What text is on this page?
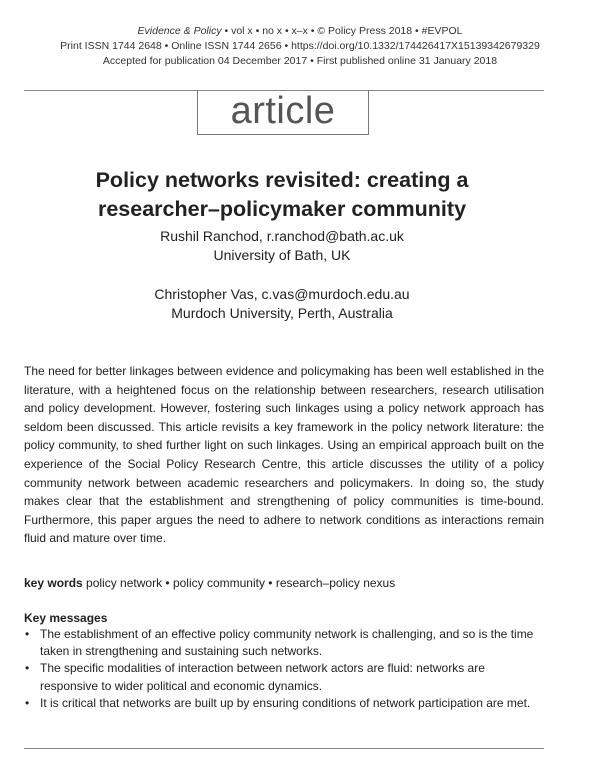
Evidence & Policy • vol x • no x • x–x • © Policy Press 2018 • #EVPOL
Print ISSN 1744 2648 • Online ISSN 1744 2656 • https://doi.org/10.1332/174426417X15139342679329
Accepted for publication 04 December 2017 • First published online 31 January 2018
article
Policy networks revisited: creating a
researcher–policymaker community
Rushil Ranchod, r.ranchod@bath.ac.uk
University of Bath, UK
Christopher Vas, c.vas@murdoch.edu.au
Murdoch University, Perth, Australia
The need for better linkages between evidence and policymaking has been well established in the literature, with a heightened focus on the relationship between researchers, research utilisation and policy development. However, fostering such linkages using a policy network approach has seldom been discussed. This article revisits a key framework in the policy network literature: the policy community, to shed further light on such linkages. Using an empirical approach built on the experience of the Social Policy Research Centre, this article discusses the utility of a policy community network between academic researchers and policymakers. In doing so, the study makes clear that the establishment and strengthening of policy communities is time-bound. Furthermore, this paper argues the need to adhere to network conditions as interactions remain fluid and mature over time.
key words policy network • policy community • research–policy nexus
Key messages
• The establishment of an effective policy community network is challenging, and so is the time taken in strengthening and sustaining such networks.
• The specific modalities of interaction between network actors are fluid: networks are responsive to wider political and economic dynamics.
• It is critical that networks are built up by ensuring conditions of network participation are met.
